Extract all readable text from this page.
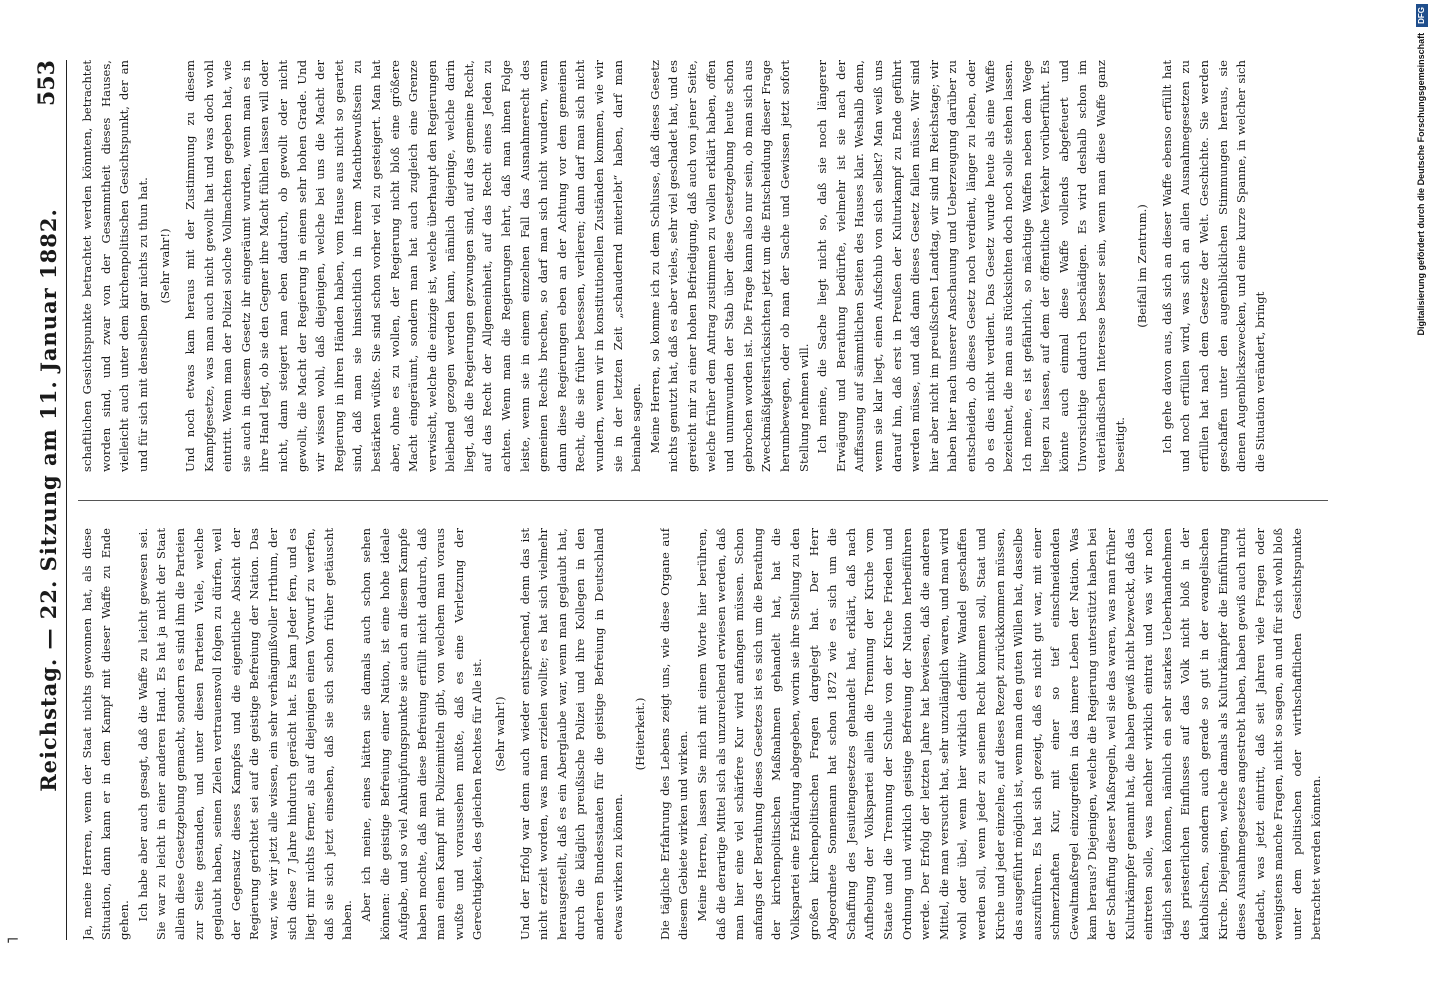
Reichstag. — 22. Sitzung am 11. Januar 1882.
553

Ja, meine Herren, wenn der Staat nichts gewonnen hat, als diese Situation, dann kann er in dem Kampf mit dieser Waffe zu Ende gehen. Ich habe aber auch gesagt, daß die Waffe zu leicht gewesen sei. Sie war zu leicht in einer anderen Hand. Es hat ja nicht der Staat allein diese Gesetzgebung gemacht, sondern es sind ihm die Parteien zur Seite gestanden, und unter diesen Parteien Viele, welche geglaubt haben, seinen Zielen vertrauensvoll folgen zu dürfen, weil der Gegensatz dieses Kampfes und die eigentliche Absicht der Regierung gerichtet sei auf die geistige Befreiung der Nation. Das war, wie wir jetzt alle wissen, ein sehr verhängnißvoller Irrthum, der sich diese 7 Jahre hindurch gerächt hat. Es kam Jeder fern, und es liegt mir nichts ferner, als auf diejenigen einen Vorwurf zu werfen, daß sie sich jetzt einsehen, daß sie sich schon früher getäuscht haben. Aber ich meine, eines hätten sie damals auch schon sehen können: die geistige Befreiung einer Nation, ist eine hohe ideale Aufgabe, und so viel Anknüpfungspunkte sie auch an diesem Kampfe haben mochte, daß man diese Befreiung erfüllt nicht dadurch, daß man einen Kampf mit Polizeimitteln gibt, von welchem man voraus wußte und voraussehen mußte, daß es eine Verletzung der Gerechtigkeit, des gleichen Rechtes für Alle ist. (Sehr wahr!) Und der Erfolg war denn auch wieder entsprechend, denn das ist nicht erzielt worden, was man erzielen wollte; es hat sich vielmehr herausgestellt, daß es ein Aberglaube war, wenn man geglaubt hat, durch die kläglich preußische Polizei und ihre Kollegen in den anderen Bundesstaaten für die geistige Befreiung in Deutschland etwas wirken zu können.

(Heiterkeit.) Die tägliche Erfahrung des Lebens zeigt uns, wie diese Organe auf diesem Gebiete wirken und wirken. Meine Herren, lassen Sie mich mit einem Worte hier berühren, daß die derartige Mittel sich als unzureichend erwiesen werden, daß man hier eine viel schärfere Kur wird anfangen müssen. Schon anfangs der Berathung dieses Gesetzes ist es sich um die Berathung der kirchenpolitischen Maßnahmen gehandelt hat, hat die Volkspartei eine Erklärung abgegeben, worin sie ihre Stellung zu den großen kirchenpolitischen Fragen dargelegt hat. Der Herr Abgeordnete Sonnemann hat schon 1872 wie es sich um die Schaffung des Jesuitengesetzes gehandelt hat, erklärt, daß nach Aufhebung der Volkspartei allein die Trennung der Kirche vom Staate und die Trennung der Schule von der Kirche Frieden und Ordnung und wirklich geistige Befreiung der Nation herbeiführen werde. Der Erfolg der letzten Jahre hat bewiesen, daß die anderen Mittel, die man versucht hat, sehr unzulänglich waren, und man wird wohl oder übel, wenn hier wirklich definitiv Wandel geschaffen werden soll, wenn jeder zu seinem Recht kommen soll, Staat und Kirche und jeder einzelne, auf dieses Rezept zurückkommen müssen, das ausgeführt möglich ist, wenn man den guten Willen hat, dasselbe auszuführen. Es hat sich gezeigt, daß es nicht gut war, mit einer schmerzhaften Kur, mit einer so tief einschneidenden Gewaltmaßregel einzugreifen in das innere Leben der Nation. Was kam heraus? Diejenigen, welche die Regierung unterstützt haben bei der Schaffung dieser Maßregeln, weil sie das waren, was man früher Kulturkämpfer genannt hat, die haben gewiß nicht bezweckt, daß das eintreten solle, was nachher wirklich eintrat und was wir noch täglich sehen können, nämlich ein sehr starkes Ueberhandnehmen des priesterlichen Einflusses auf das Volk nicht bloß in der katholischen, sondern auch gerade so gut in der evangelischen Kirche. Diejenigen, welche damals als Kulturkämpfer die Einführung dieses Ausnahmegesetzes angestrebt haben, haben gewiß auch nicht gedacht, was jetzt eintritt, daß seit Jahren viele Fragen oder wenigstens manche Fragen, nicht so sagen, an und für sich wohl bloß unter dem politischen oder wirthschaftlichen Gesichtspunkte betrachtet werden könnten.

schaftlichen Gesichtspunkte betrachtet werden könnten, betrachtet worden sind, und zwar von der Gesammtheit dieses Hauses, vielleicht auch unter dem kirchenpolitischen Gesichtspunkt, der an und für sich mit denselben gar nichts zu thun hat. (Sehr wahr!) Und noch etwas kam heraus mit der Zustimmung zu diesem Kampfgesetze, was man auch nicht gewollt hat und was doch wohl eintritt. Wenn man der Polizei solche Vollmachten gegeben hat, wie sie auch in diesem Gesetz ihr eingeräumt wurden, wenn man es in ihre Hand legt, ob sie den Gegner ihre Macht fühlen lassen will oder nicht, dann steigert man eben dadurch, ob gewollt oder nicht gewollt, die Macht der Regierung in einem sehr hohen Grade. Und wir wissen wohl, daß diejenigen, welche bei uns die Macht der Regierung in ihren Händen haben, vom Hause aus nicht so geartet sind, daß man sie hinsichtlich in ihrem Machtbewußtsein zu bestärken wüßte. Sie sind schon vorher viel zu gesteigert. Man hat aber, ohne es zu wollen, der Regierung nicht bloß eine größere Macht eingeräumt, sondern man hat auch zugleich eine Grenze verwischt, welche die einzige ist, welche überhaupt den Regierungen bleibend gezogen werden kann, nämlich diejenige, welche darin liegt, daß die Regierungen gezwungen sind, auf das gemeine Recht, auf das Recht der Allgemeinheit, auf das Recht eines Jeden zu achten. Wenn man die Regierungen lehrt, daß man ihnen Folge leiste, wenn sie in einem einzelnen Fall das Ausnahmerecht des gemeinen Rechts brechen, so darf man sich nicht wundern, wenn dann diese Regierungen eben an der Achtung vor dem gemeinen Recht, die sie früher besessen, verlieren; dann darf man sich nicht wundern, wenn wir in konstitutionellen Zuständen kommen, wie wir sie in der letzten Zeit „schaudernd miterlebt“ haben, darf man beinahe sagen. Meine Herren, so komme ich zu dem Schlusse, daß dieses Gesetz nichts genutzt hat, daß es aber vieles, sehr viel geschadet hat, und es gereicht mir zu einer hohen Befriedigung, daß auch von jener Seite, welche früher dem Antrag zustimmen zu wollen erklärt haben, offen und unumwunden der Stab über diese Gesetzgebung heute schon gebrochen worden ist. Die Frage kann also nur sein, ob man sich aus Zweckmäßigkeitsrücksichten jetzt um die Entscheidung dieser Frage herumbewegen, oder ob man der Sache und Gewissen jetzt sofort Stellung nehmen will. Ich meine, die Sache liegt nicht so, daß sie noch längerer Erwägung und Berathung bedürfte, vielmehr ist sie nach der Auffassung auf sämmtlichen Seiten des Hauses klar. Weshalb denn, wenn sie klar liegt, einen Aufschub von sich selbst? Man weiß uns darauf hin, daß erst in Preußen der Kulturkampf zu Ende geführt werden müsse, und daß dann dieses Gesetz fallen müsse. Wir sind hier aber nicht im preußischen Landtag, wir sind im Reichstage; wir haben hier nach unserer Anschauung und Ueberzeugung darüber zu entscheiden, ob dieses Gesetz noch verdient, länger zu leben, oder ob es dies nicht verdient. Das Gesetz wurde heute als eine Waffe bezeichnet, die man aus Rücksichten doch noch solle stehen lassen. Ich meine, es ist gefährlich, so mächtige Waffen neben dem Wege liegen zu lassen, auf dem der öffentliche Verkehr vorüberführt. Es könnte auch einmal diese Waffe vollends abgefeuert und Unvorsichtige dadurch beschädigen. Es wird deshalb schon im vaterländischen Interesse besser sein, wenn man diese Waffe ganz beseitigt.

(Beifall im Zentrum.) Ich gehe davon aus, daß sich an dieser Waffe ebenso erfüllt hat und noch erfüllen wird, was sich an allen Ausnahmegesetzen zu erfüllen hat nach dem Gesetze der Welt. Geschichte. Sie werden geschaffen unter den augenblicklichen Stimmungen heraus, sie dienen Augenblickszwecken, und eine kurze Spanne, in welcher sich die Situation verändert, bringt

⌐
Digitalisierung gefördert durch die Deutsche ForschungsgemeinschaftDFG
